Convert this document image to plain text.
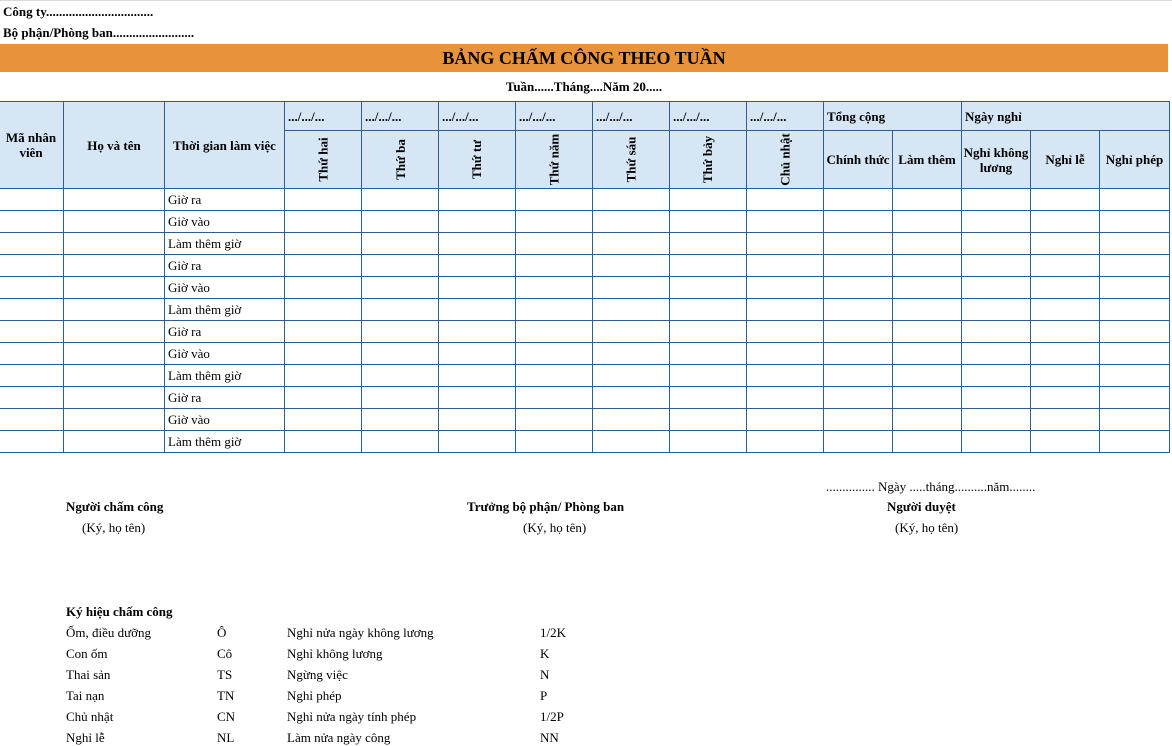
Công ty.................................
Bộ phận/Phòng ban.........................
BẢNG CHẤM CÔNG THEO TUẦN
Tuần......Tháng....Năm 20.....
Mã nhân viên	Họ và tên	Thời gian làm việc	.../.../...	.../.../...	.../.../...	.../.../...	.../.../...	.../.../...	.../.../...	Tổng cộng		Ngày nghỉ		
			Thứ hai	Thứ ba	Thứ tư	Thứ năm	Thứ sáu	Thứ bảy	Chủ nhật	Chính thức	Làm thêm	Nghỉ không lương	Nghỉ lễ	Nghỉ phép
		Giờ ra												
		Giờ vào												
		Làm thêm giờ												
		Giờ ra												
		Giờ vào												
		Làm thêm giờ												
		Giờ ra												
		Giờ vào												
		Làm thêm giờ												
		Giờ ra												
		Giờ vào												
		Làm thêm giờ												
............... Ngày .....tháng..........năm........
Người chấm công	Trưởng bộ phận/ Phòng ban	Người duyệt
(Ký, họ tên)	(Ký, họ tên)	(Ký, họ tên)
Ký hiệu chấm công
Ốm, điều dưỡng	Ô	Nghỉ nửa ngày không lương	1/2K
Con ốm	Cô	Nghỉ không lương	K
Thai sản	TS	Ngừng việc	N
Tai nạn	TN	Nghỉ phép	P
Chủ nhật	CN	Nghỉ nửa ngày tính phép	1/2P
Nghỉ lễ	NL	Làm nửa ngày công	NN
